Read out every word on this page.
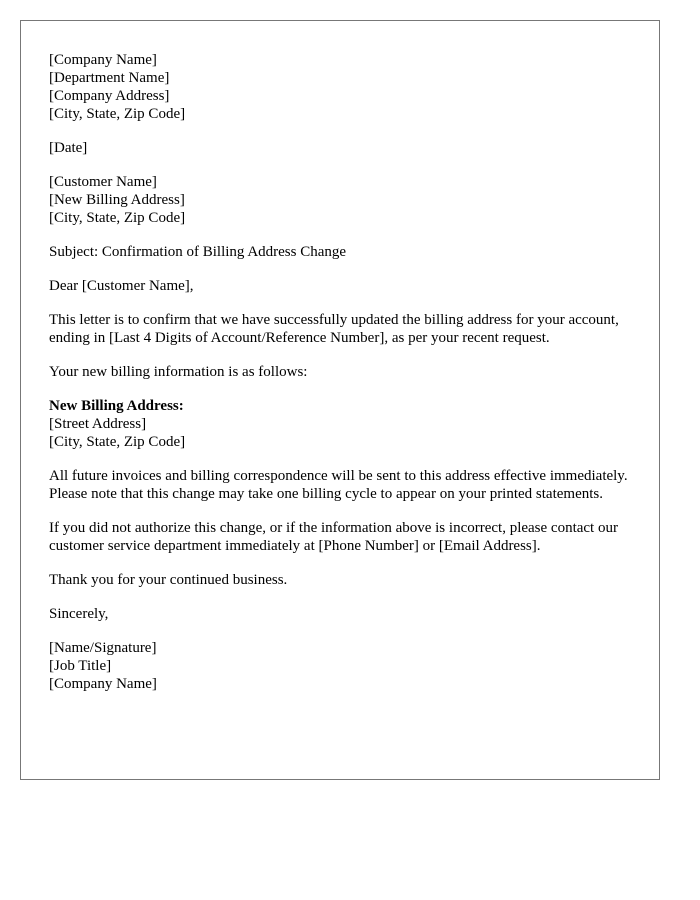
[Company Name]
[Department Name]
[Company Address]
[City, State, Zip Code]
[Date]
[Customer Name]
[New Billing Address]
[City, State, Zip Code]

Subject: Confirmation of Billing Address Change

Dear [Customer Name],

This letter is to confirm that we have successfully updated the billing address for your account, ending in [Last 4 Digits of Account/Reference Number], as per your recent request.

Your new billing information is as follows:

New Billing Address:
[Street Address]
[City, State, Zip Code]

All future invoices and billing correspondence will be sent to this address effective immediately. Please note that this change may take one billing cycle to appear on your printed statements.

If you did not authorize this change, or if the information above is incorrect, please contact our customer service department immediately at [Phone Number] or [Email Address].

Thank you for your continued business.

Sincerely,

[Name/Signature]
[Job Title]
[Company Name]
